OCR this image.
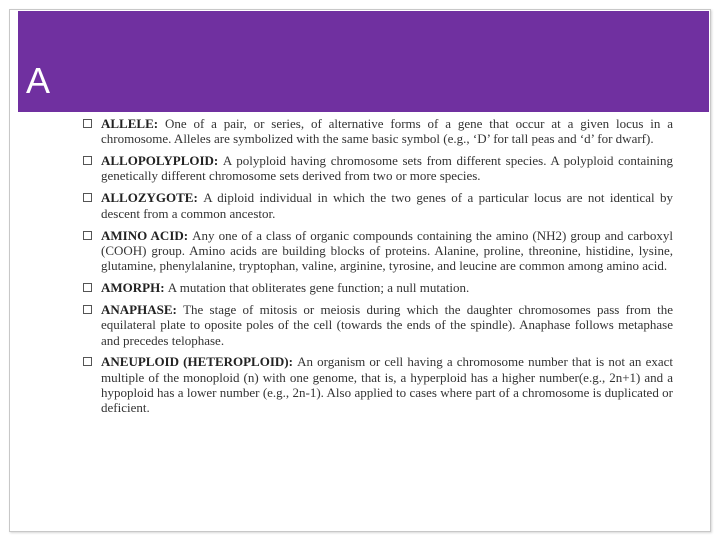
A
ALLELE: One of a pair, or series, of alternative forms of a gene that occur at a given locus in a chromosome. Alleles are symbolized with the same basic symbol (e.g., ‘D’ for tall peas and ‘d’ for dwarf).
ALLOPOLYPLOID: A polyploid having chromosome sets from different species. A polyploid containing genetically different chromosome sets derived from two or more species.
ALLOZYGOTE: A diploid individual in which the two genes of a particular locus are not identical by descent from a common ancestor.
AMINO ACID: Any one of a class of organic compounds containing the amino (NH2) group and carboxyl (COOH) group. Amino acids are building blocks of proteins. Alanine, proline, threonine, histidine, lysine, glutamine, phenylalanine, tryptophan, valine, arginine, tyrosine, and leucine are common among amino acid.
AMORPH: A mutation that obliterates gene function; a null mutation.
ANAPHASE: The stage of mitosis or meiosis during which the daughter chromosomes pass from the equilateral plate to oposite poles of the cell (towards the ends of the spindle). Anaphase follows metaphase and precedes telophase.
ANEUPLOID (HETEROPLOID): An organism or cell having a chromosome number that is not an exact multiple of the monoploid (n) with one genome, that is, a hyperploid has a higher number(e.g., 2n+1) and a hypoploid has a lower number (e.g., 2n-1). Also applied to cases where part of a chromosome is duplicated or deficient.
